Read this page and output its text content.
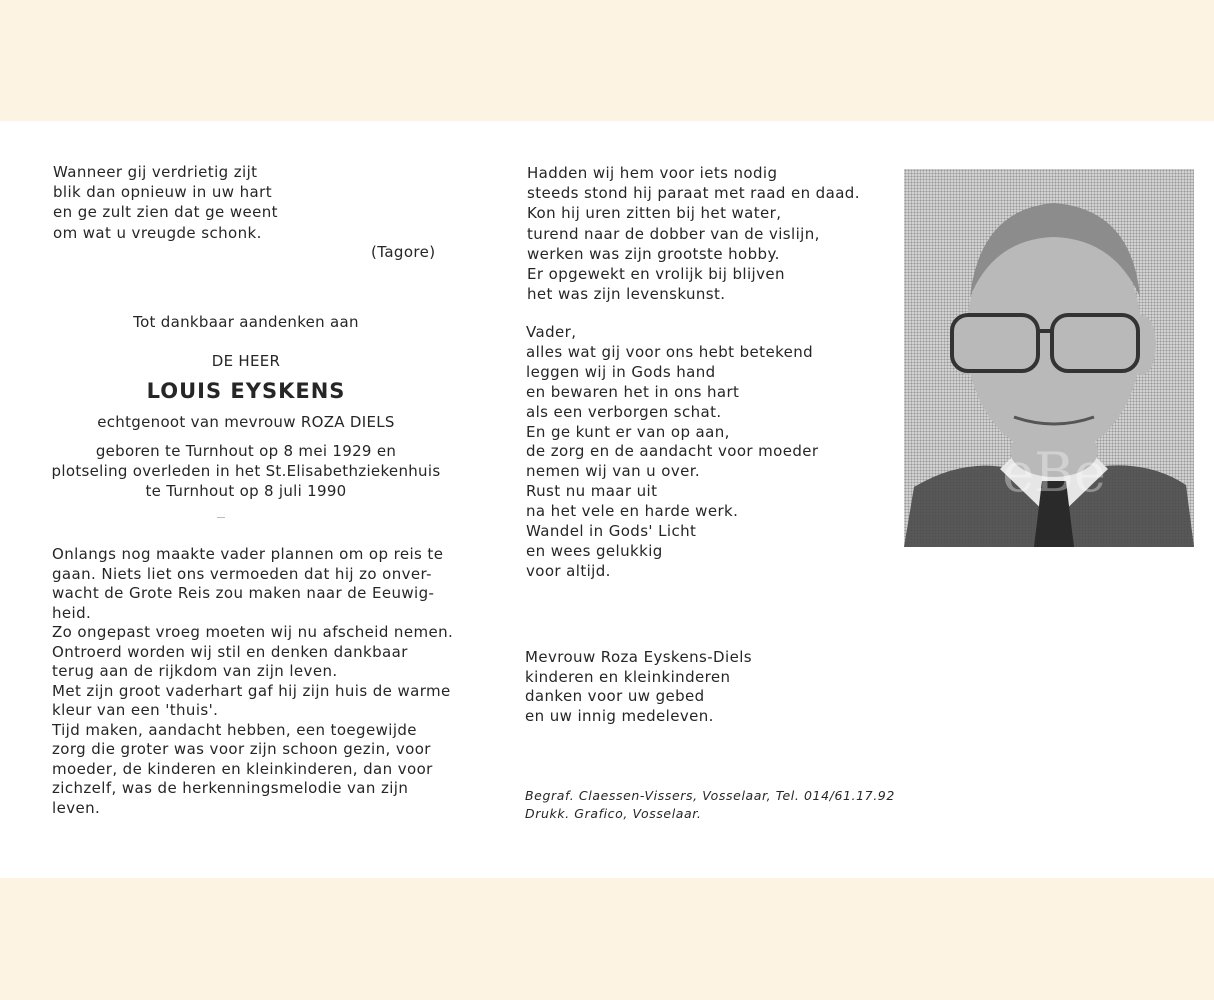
Wanneer gij verdrietig zijt
blik dan opnieuw in uw hart
en ge zult zien dat ge weent
om wat u vreugde schonk.
(Tagore)
Tot dankbaar aandenken aan
DE HEER
LOUIS EYSKENS
echtgenoot van mevrouw ROZA DIELS
geboren te Turnhout op 8 mei 1929 en
plotseling overleden in het St.Elisabethziekenhuis
te Turnhout op 8 juli 1990
Onlangs nog maakte vader plannen om op reis te
gaan. Niets liet ons vermoeden dat hij zo onver-
wacht de Grote Reis zou maken naar de Eeuwig-
heid.
Zo ongepast vroeg moeten wij nu afscheid nemen.
Ontroerd worden wij stil en denken dankbaar
terug aan de rijkdom van zijn leven.
Met zijn groot vaderhart gaf hij zijn huis de warme
kleur van een 'thuis'.
Tijd maken, aandacht hebben, een toegewijde
zorg die groter was voor zijn schoon gezin, voor
moeder, de kinderen en kleinkinderen, dan voor
zichzelf, was de herkenningsmelodie van zijn
leven.
Hadden wij hem voor iets nodig
steeds stond hij paraat met raad en daad.
Kon hij uren zitten bij het water,
turend naar de dobber van de vislijn,
werken was zijn grootste hobby.
Er opgewekt en vrolijk bij blijven
het was zijn levenskunst.
Vader,
alles wat gij voor ons hebt betekend
leggen wij in Gods hand
en bewaren het in ons hart
als een verborgen schat.
En ge kunt er van op aan,
de zorg en de aandacht voor moeder
nemen wij van u over.
Rust nu maar uit
na het vele en harde werk.
Wandel in Gods' Licht
en wees gelukkig
voor altijd.
Mevrouw Roza Eyskens-Diels
kinderen en kleinkinderen
danken voor uw gebed
en uw innig medeleven.
Begraf. Claessen-Vissers, Vosselaar, Tel. 014/61.17.92
Drukk. Grafico, Vosselaar.
eBe
